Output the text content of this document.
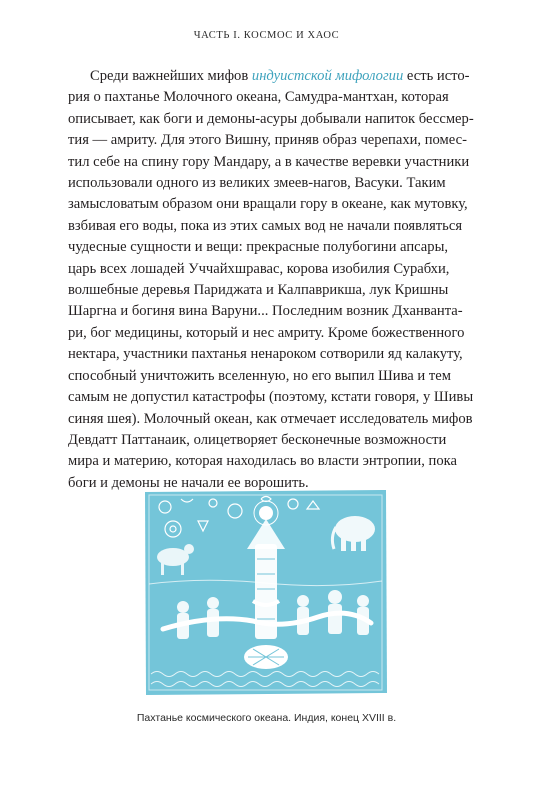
ЧАСТЬ I. КОСМОС И ХАОС
Среди важнейших мифов индуистской мифологии есть исто-
рия о пахтанье Молочного океана, Самудра-мантхан, которая
описывает, как боги и демоны-асуры добывали напиток бессмер-
тия — амриту. Для этого Вишну, приняв образ черепахи, помес-
тил себе на спину гору Мандару, а в качестве веревки участники
использовали одного из великих змеев-нагов, Васуки. Таким
замысловатым образом они вращали гору в океане, как мутовку,
взбивая его воды, пока из этих самых вод не начали появляться
чудесные сущности и вещи: прекрасные полубогини апсары,
царь всех лошадей Уччайхшравас, корова изобилия Сурабхи,
волшебные деревья Париджата и Калпаврикша, лук Кришны
Шаргна и богиня вина Варуни... Последним возник Дханванта-
ри, бог медицины, который и нес амриту. Кроме божественного
нектара, участники пахтанья ненароком сотворили яд калакуту,
способный уничтожить вселенную, но его выпил Шива и тем
самым не допустил катастрофы (поэтому, кстати говоря, у Шивы
синяя шея). Молочный океан, как отмечает исследователь мифов
Девдатт Паттанаик, олицетворяет бесконечные возможности
мира и материю, которая находилась во власти энтропии, пока
боги и демоны не начали ее ворошить.
Пахтанье космического океана. Индия, конец XVIII в.
